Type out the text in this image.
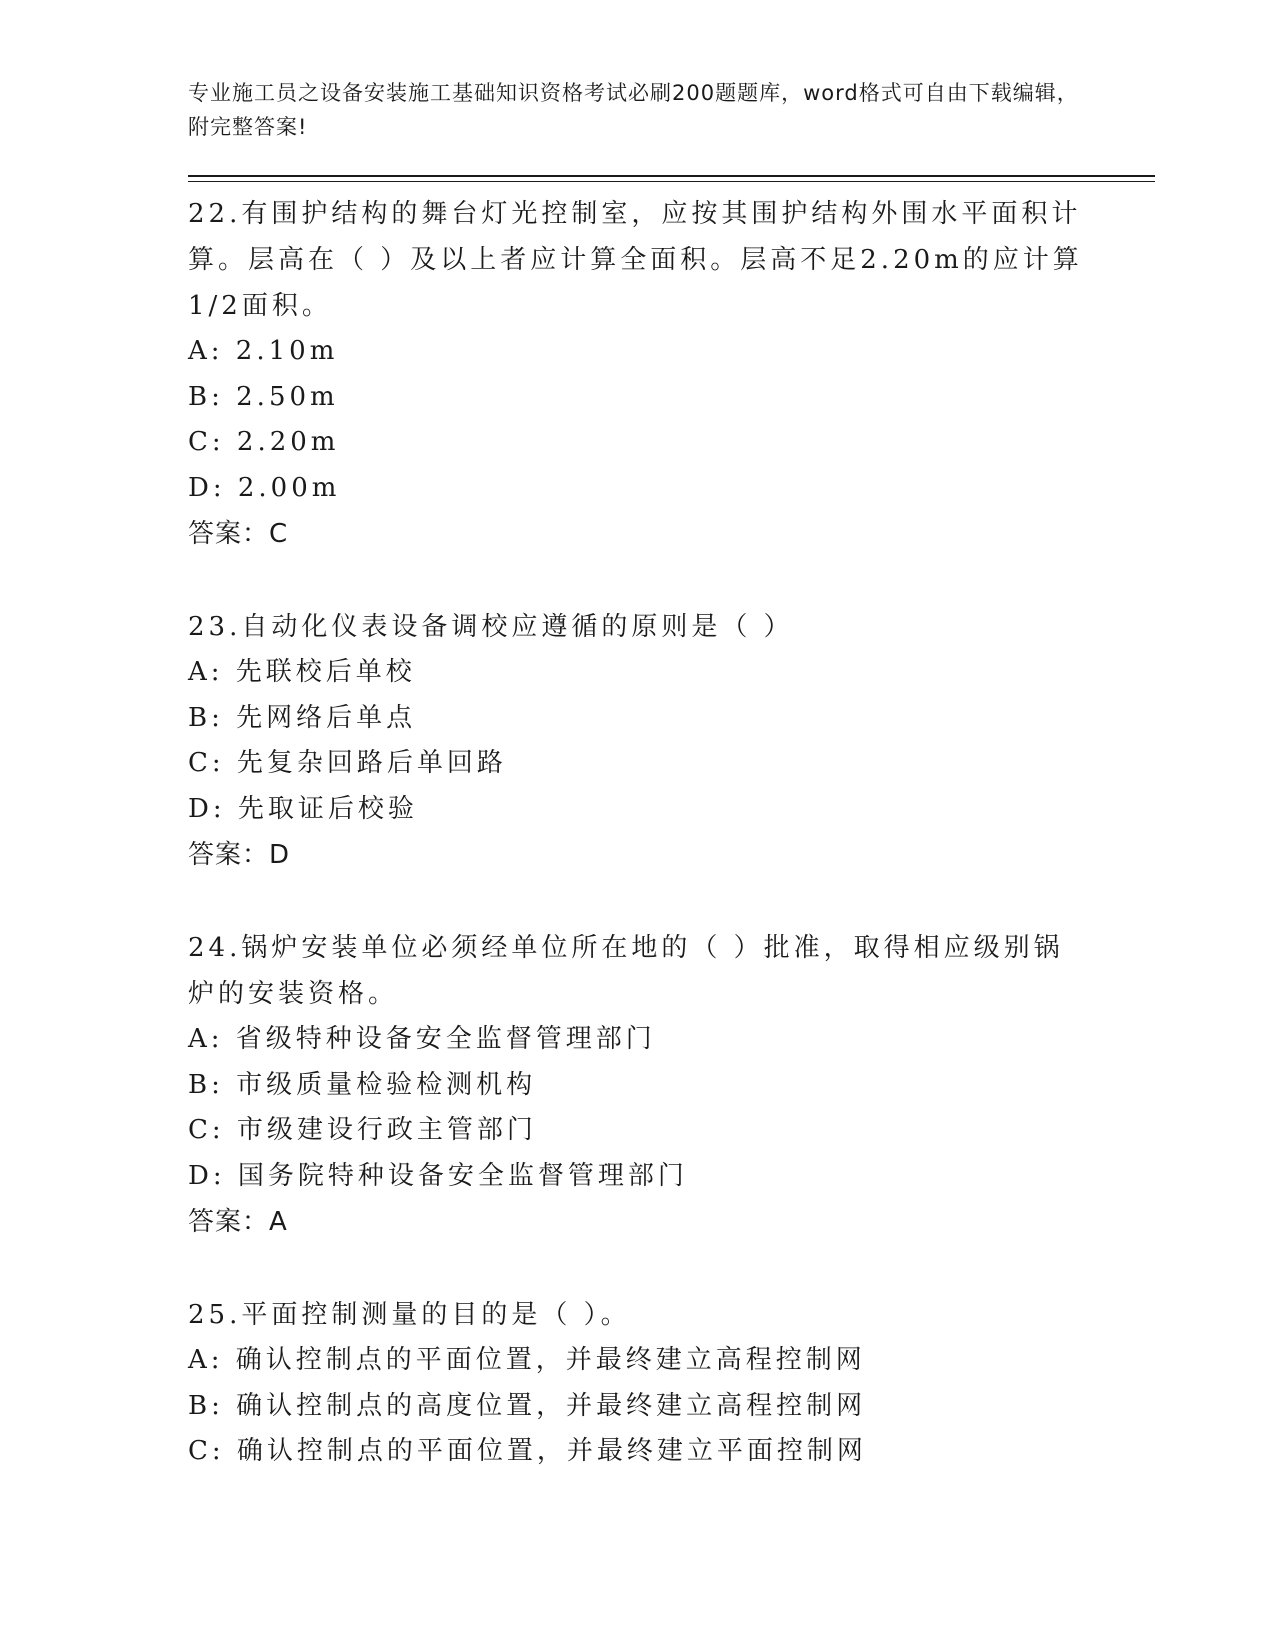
专业施工员之设备安装施工基础知识资格考试必刷200题题库，word格式可自由下载编辑，附完整答案!

22.有围护结构的舞台灯光控制室，应按其围护结构外围水平面积计算。层高在（ ）及以上者应计算全面积。层高不足2.20m的应计算1/2面积。

A: 2.10m

B: 2.50m

C: 2.20m

D: 2.00m

答案：C

23.自动化仪表设备调校应遵循的原则是（ ）

A: 先联校后单校

B: 先网络后单点

C: 先复杂回路后单回路

D: 先取证后校验

答案：D

24.锅炉安装单位必须经单位所在地的（ ）批准，取得相应级别锅炉的安装资格。

A: 省级特种设备安全监督管理部门

B: 市级质量检验检测机构

C: 市级建设行政主管部门

D: 国务院特种设备安全监督管理部门

答案：A

25.平面控制测量的目的是（ ）。

A: 确认控制点的平面位置，并最终建立高程控制网

B: 确认控制点的高度位置，并最终建立高程控制网

C: 确认控制点的平面位置，并最终建立平面控制网
